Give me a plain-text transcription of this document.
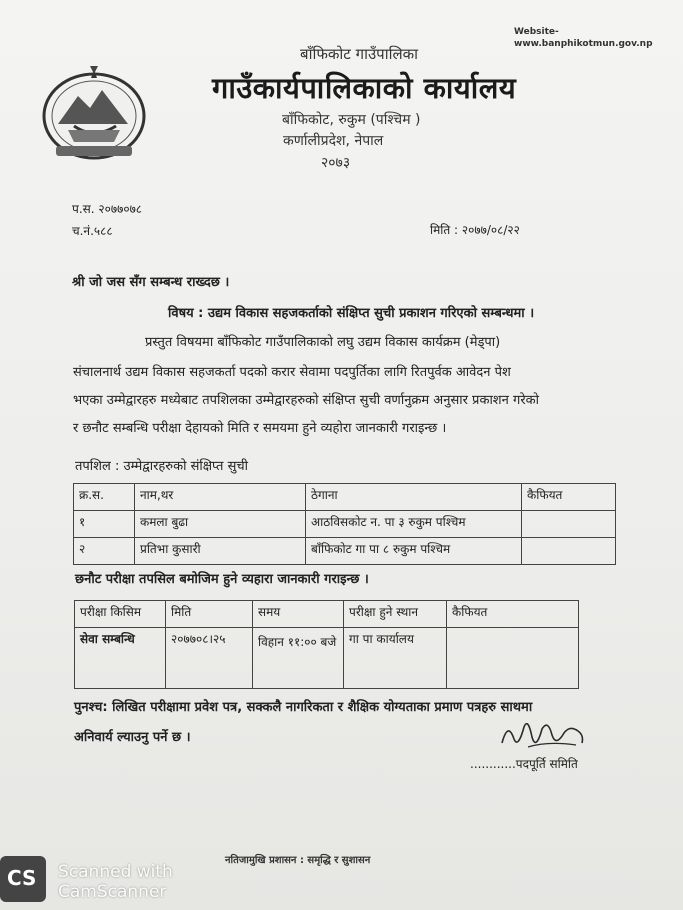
Website-
www.banphikotmun.gov.np
बाँफिकोट गाउँपालिका
गाउँकार्यपालिकाको कार्यालय
बाँफिकोट, रुकुम (पश्चिम )
कर्णालीप्रदेश, नेपाल
२०७३
प.स. २०७७०७८
च.नं.५८८	मिति : २०७७/०८/२२
श्री जो जस सँग सम्बन्ध राख्दछ ।
विषय : उद्यम विकास सहजकर्ताको संक्षिप्त सुची प्रकाशन गरिएको सम्बन्धमा ।
प्रस्तुत विषयमा बाँफिकोट गाउँपालिकाको लघु उद्यम विकास कार्यक्रम (मेड्पा)
संचालनार्थ उद्यम विकास सहजकर्ता पदको करार सेवामा पदपुर्तिका लागि रितपुर्वक आवेदन पेश
भएका उम्मेद्वारहरु मध्येबाट तपशिलका उम्मेद्वारहरुको संक्षिप्त सुची वर्णानुक्रम अनुसार प्रकाशन गरेको
र छनौट सम्बन्धि परीक्षा देहायको मिति र समयमा हुने व्यहोरा जानकारी गराइन्छ ।
तपशिल : उम्मेद्वारहरुको संक्षिप्त सुची
क्र.स.	नाम,थर	ठेगाना	कैफियत
१	कमला बुढा	आठविसकोट न. पा ३ रुकुम पश्चिम	
२	प्रतिभा कुसारी	बाँफिकोट गा पा ८ रुकुम पश्चिम	
छनौट परीक्षा तपसिल बमोजिम हुने व्यहारा जानकारी गराइन्छ ।
परीक्षा किसिम	मिति	समय	परीक्षा हुने स्थान	कैफियत
सेवा सम्बन्धि	२०७७०८।२५	विहान ११:०० बजे	गा पा कार्यालय	
पुनश्च: लिखित परीक्षामा प्रवेश पत्र, सक्कलै नागरिकता र शैक्षिक योग्यताका प्रमाण पत्रहरु साथमा
अनिवार्य ल्याउनु पर्ने छ ।
............पदपूर्ति समिति
नतिजामुखि प्रशासन : समृद्धि र सुशासन
CS Scanned with
CamScanner
